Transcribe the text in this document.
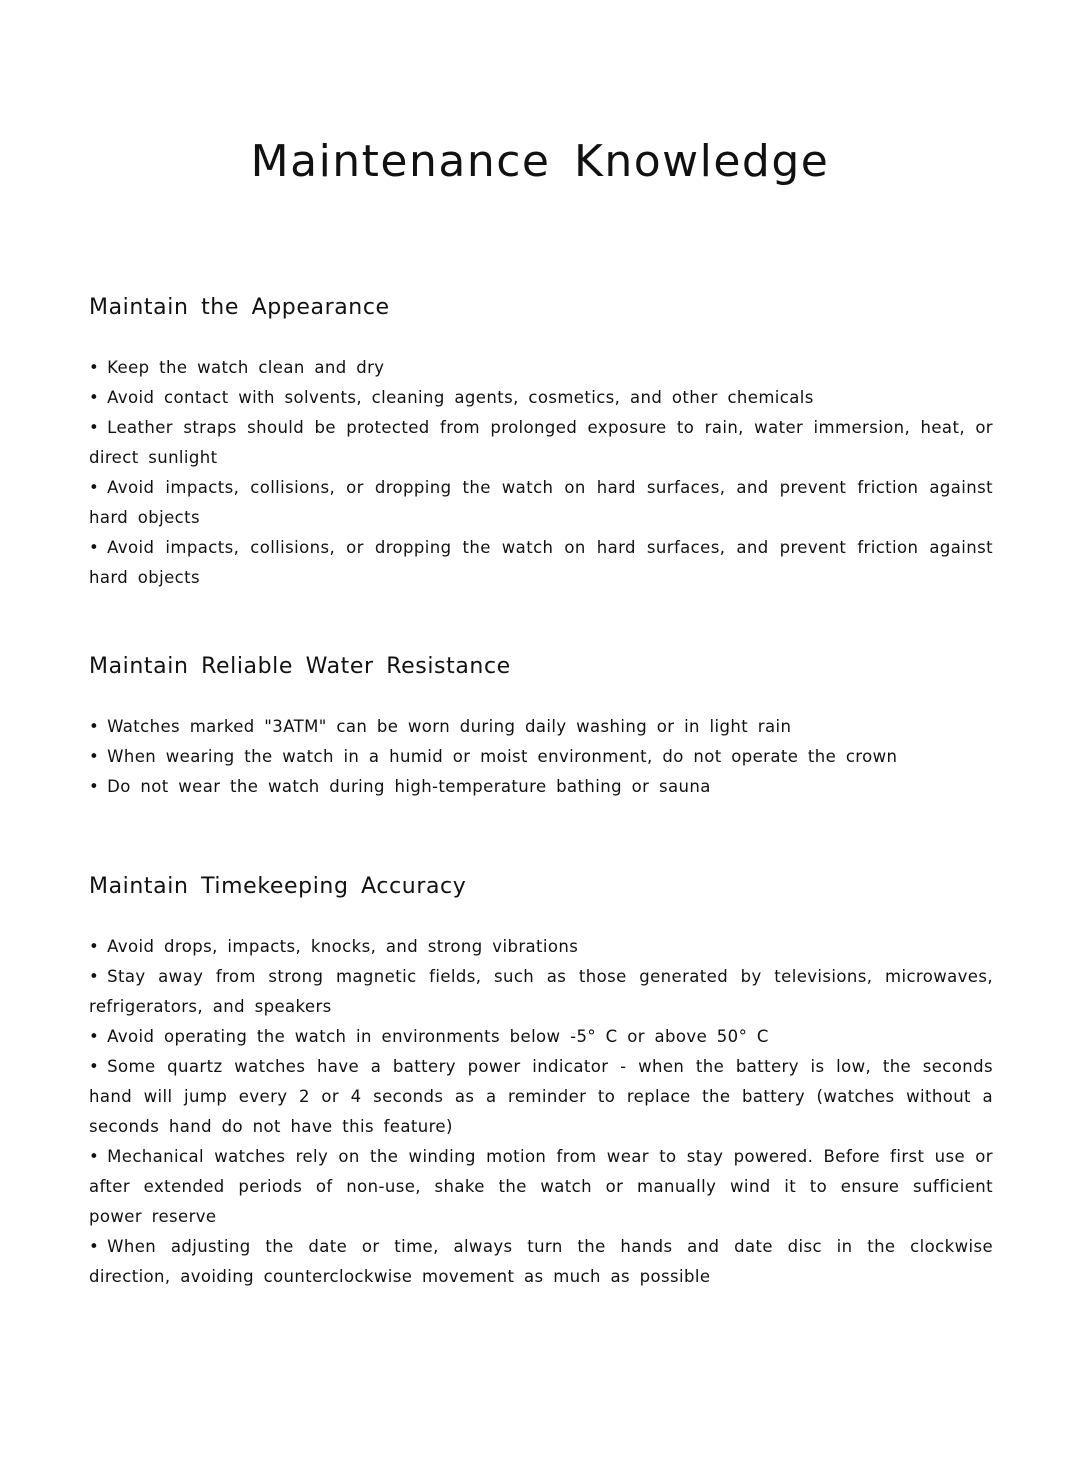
Maintenance Knowledge
Maintain the Appearance
• Keep the watch clean and dry
• Avoid contact with solvents, cleaning agents, cosmetics, and other chemicals
• Leather straps should be protected from prolonged exposure to rain, water immersion, heat, or direct sunlight
• Avoid impacts, collisions, or dropping the watch on hard surfaces, and prevent friction against hard objects
• Avoid impacts, collisions, or dropping the watch on hard surfaces, and prevent friction against hard objects
Maintain Reliable Water Resistance
• Watches marked "3ATM" can be worn during daily washing or in light rain
• When wearing the watch in a humid or moist environment, do not operate the crown
• Do not wear the watch during high-temperature bathing or sauna
Maintain Timekeeping Accuracy
• Avoid drops, impacts, knocks, and strong vibrations
• Stay away from strong magnetic fields, such as those generated by televisions, microwaves, refrigerators, and speakers
• Avoid operating the watch in environments below -5° C or above 50° C
• Some quartz watches have a battery power indicator - when the battery is low, the seconds hand will jump every 2 or 4 seconds as a reminder to replace the battery (watches without a seconds hand do not have this feature)
• Mechanical watches rely on the winding motion from wear to stay powered. Before first use or after extended periods of non-use, shake the watch or manually wind it to ensure sufficient power reserve
• When adjusting the date or time, always turn the hands and date disc in the clockwise direction, avoiding counterclockwise movement as much as possible
